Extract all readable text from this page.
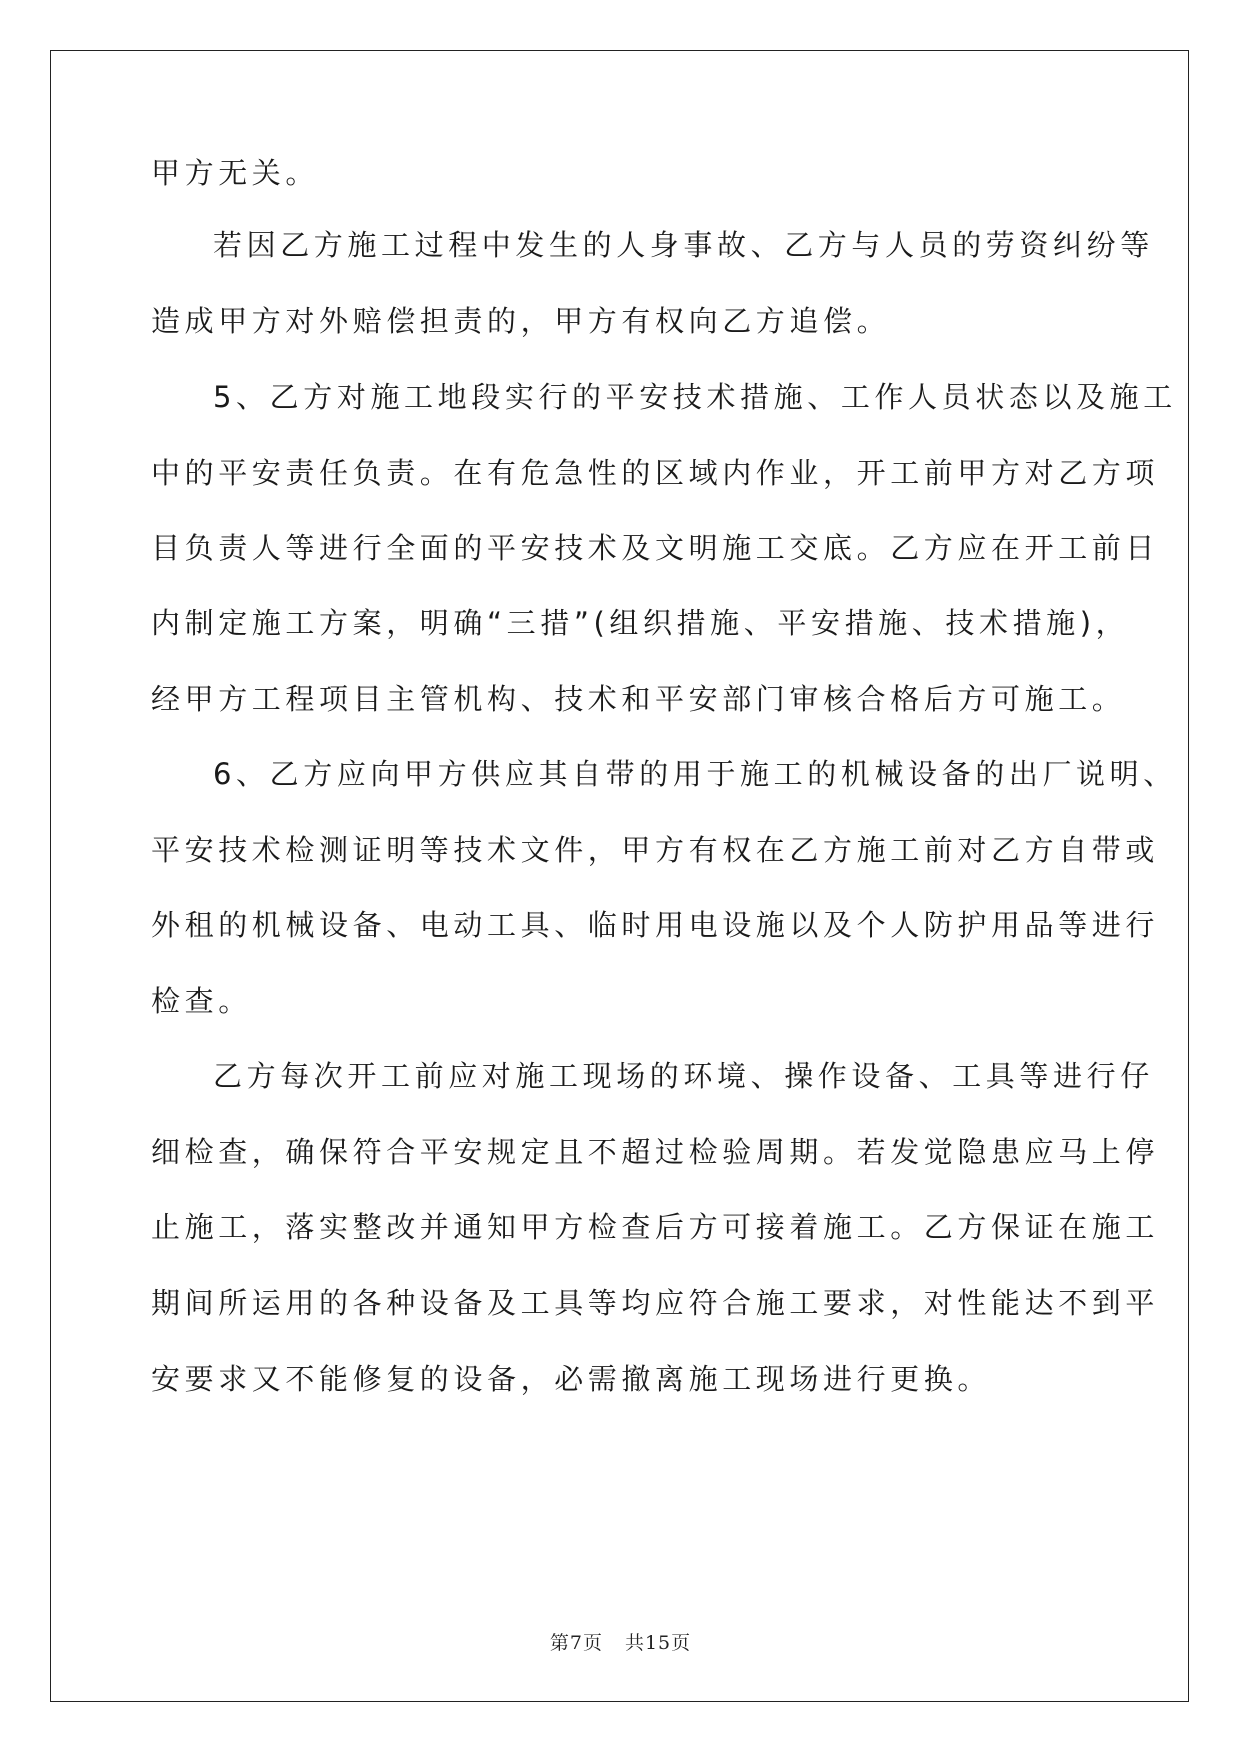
甲方无关。
若因乙方施工过程中发生的人身事故、乙方与人员的劳资纠纷等
造成甲方对外赔偿担责的，甲方有权向乙方追偿。
5、乙方对施工地段实行的平安技术措施、工作人员状态以及施工
中的平安责任负责。在有危急性的区域内作业，开工前甲方对乙方项
目负责人等进行全面的平安技术及文明施工交底。乙方应在开工前日
内制定施工方案，明确“三措”(组织措施、平安措施、技术措施)，
经甲方工程项目主管机构、技术和平安部门审核合格后方可施工。
6、乙方应向甲方供应其自带的用于施工的机械设备的出厂说明、
平安技术检测证明等技术文件，甲方有权在乙方施工前对乙方自带或
外租的机械设备、电动工具、临时用电设施以及个人防护用品等进行
检查。
乙方每次开工前应对施工现场的环境、操作设备、工具等进行仔
细检查，确保符合平安规定且不超过检验周期。若发觉隐患应马上停
止施工，落实整改并通知甲方检查后方可接着施工。乙方保证在施工
期间所运用的各种设备及工具等均应符合施工要求，对性能达不到平
安要求又不能修复的设备，必需撤离施工现场进行更换。
第7页 共15页
